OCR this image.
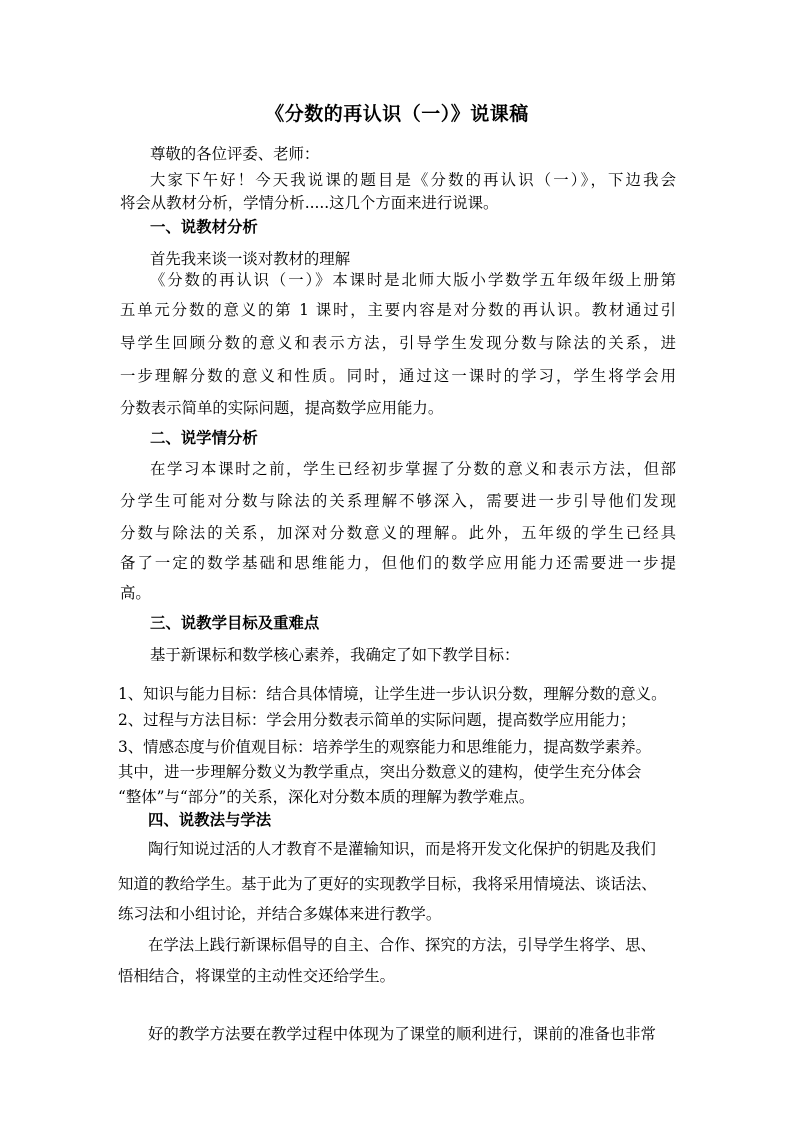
《分数的再认识（一）》说课稿
尊敬的各位评委、老师：
大家下午好！今天我说课的题目是《分数的再认识（一）》，下边我会
将会从教材分析，学情分析.....这几个方面来进行说课。
一、说教材分析
首先我来谈一谈对教材的理解
《分数的再认识（一）》本课时是北师大版小学数学五年级年级上册第
五单元分数的意义的第 1 课时，主要内容是对分数的再认识。教材通过引
导学生回顾分数的意义和表示方法，引导学生发现分数与除法的关系，进
一步理解分数的意义和性质。同时，通过这一课时的学习，学生将学会用
分数表示简单的实际问题，提高数学应用能力。
二、说学情分析
在学习本课时之前，学生已经初步掌握了分数的意义和表示方法，但部
分学生可能对分数与除法的关系理解不够深入，需要进一步引导他们发现
分数与除法的关系，加深对分数意义的理解。此外，五年级的学生已经具
备了一定的数学基础和思维能力，但他们的数学应用能力还需要进一步提
高。
三、说教学目标及重难点
基于新课标和数学核心素养，我确定了如下教学目标：
1、知识与能力目标：结合具体情境，让学生进一步认识分数，理解分数的意义。
2、过程与方法目标：学会用分数表示简单的实际问题，提高数学应用能力；
3、情感态度与价值观目标：培养学生的观察能力和思维能力，提高数学素养。
其中，进一步理解分数义为教学重点，突出分数意义的建构，使学生充分体会
“整体”与“部分”的关系，深化对分数本质的理解为教学难点。
四、说教法与学法
陶行知说过活的人才教育不是灌输知识，而是将开发文化保护的钥匙及我们
知道的教给学生。基于此为了更好的实现教学目标，我将采用情境法、谈话法、
练习法和小组讨论，并结合多媒体来进行教学。
在学法上践行新课标倡导的自主、合作、探究的方法，引导学生将学、思、
悟相结合，将课堂的主动性交还给学生。
好的教学方法要在教学过程中体现为了课堂的顺利进行，课前的准备也非常
